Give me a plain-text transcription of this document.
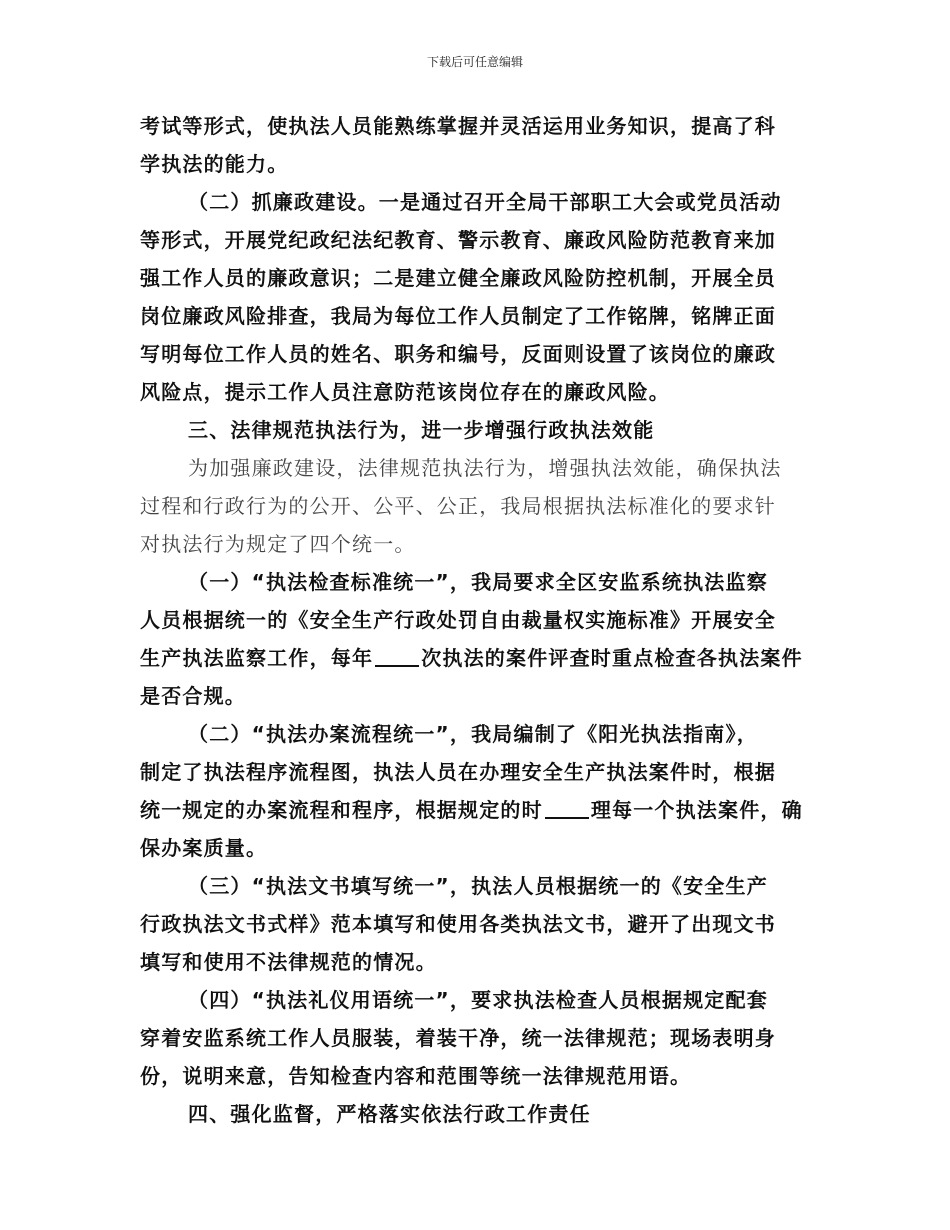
下载后可任意编辑
考试等形式，使执法人员能熟练掌握并灵活运用业务知识，提高了科
学执法的能力。
（二）抓廉政建设。一是通过召开全局干部职工大会或党员活动
等形式，开展党纪政纪法纪教育、警示教育、廉政风险防范教育来加
强工作人员的廉政意识；二是建立健全廉政风险防控机制，开展全员
岗位廉政风险排查，我局为每位工作人员制定了工作铭牌，铭牌正面
写明每位工作人员的姓名、职务和编号，反面则设置了该岗位的廉政
风险点，提示工作人员注意防范该岗位存在的廉政风险。
三、法律规范执法行为，进一步增强行政执法效能
为加强廉政建设，法律规范执法行为，增强执法效能，确保执法
过程和行政行为的公开、公平、公正，我局根据执法标准化的要求针
对执法行为规定了四个统一。
（一）“执法检查标准统一”，我局要求全区安监系统执法监察
人员根据统一的《安全生产行政处罚自由裁量权实施标准》开展安全
生产执法监察工作，每年 次执法的案件评查时重点检查各执法案件
是否合规。
（二）“执法办案流程统一”，我局编制了《阳光执法指南》，
制定了执法程序流程图，执法人员在办理安全生产执法案件时，根据
统一规定的办案流程和程序，根据规定的时 理每一个执法案件，确
保办案质量。
（三）“执法文书填写统一”，执法人员根据统一的《安全生产
行政执法文书式样》范本填写和使用各类执法文书，避开了出现文书
填写和使用不法律规范的情况。
（四）“执法礼仪用语统一”，要求执法检查人员根据规定配套
穿着安监系统工作人员服装，着装干净，统一法律规范；现场表明身
份，说明来意，告知检查内容和范围等统一法律规范用语。
四、强化监督，严格落实依法行政工作责任
